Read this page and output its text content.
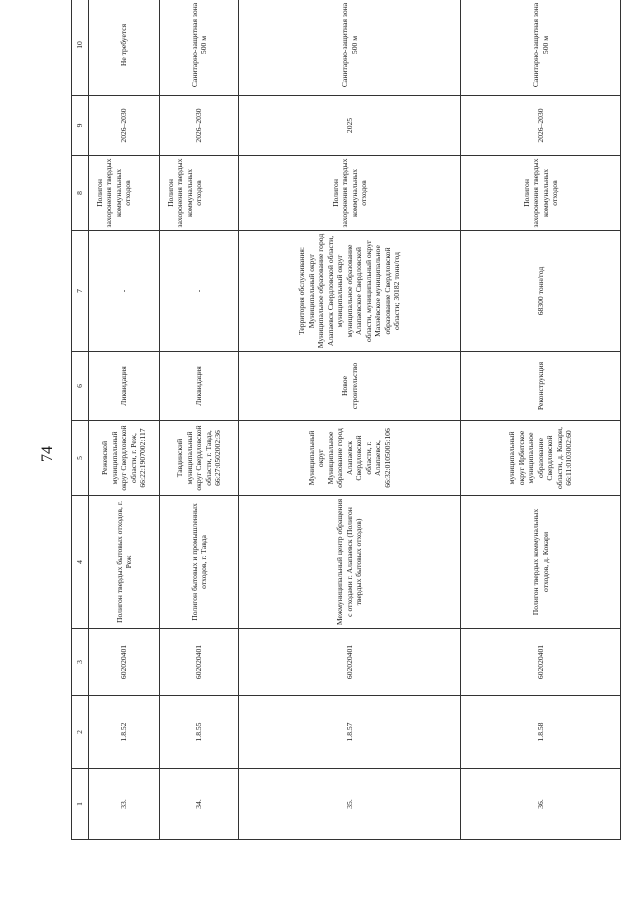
74
1	2	3	4	5	6	7	8	9	10
33.	1.8.52	602020401	Полигон твердых бытовых отходов, г. Реж	Режевской муниципальный округ Свердловской области, г. Реж, 66:22:1907002:117	Ликвидация	-	Полигон захоронения твердых коммунальных отходов	2026–2030	Не требуется
34.	1.8.55	602020401	Полигон бытовых и промышленных отходов, г. Тавда	Тавдинский муниципальный округ Свердловской области, г. Тавда, 66:27:0502002:36	Ликвидация	-	Полигон захоронения твердых коммунальных отходов	2026–2030	Санитарно-защитная зона 500 м
35.	1.8.57	602020401	Межмуниципальный центр обращения с отходами г. Алапаевск (Полигон твердых бытовых отходов)	Муниципальный округ Муниципальное образование город Алапаевск Свердловской области, г. Алапаевск, 66:32:0105005:106	Новое строительство	Территория обслуживания: Муниципальный округ Муниципальное образование город Алапаевск Свердловской области, муниципальный округ муниципальное образование Алапаевское Свердловской области, муниципальный округ Махнёвское муниципальное образование Свердловской области; 30182 тонн/год	Полигон захоронения твердых коммунальных отходов	2025	Санитарно-защитная зона 500 м
36.	1.8.58	602020401	Полигон твердых коммунальных отходов, д. Кокари	муниципальный округ Ирбитское муниципальное образование Свердловской области, д. Кокари, 66:11:0103002:60	Реконструкция	68300 тонн/год	Полигон захоронения твердых коммунальных отходов	2026–2030	Санитарно-защитная зона 500 м
